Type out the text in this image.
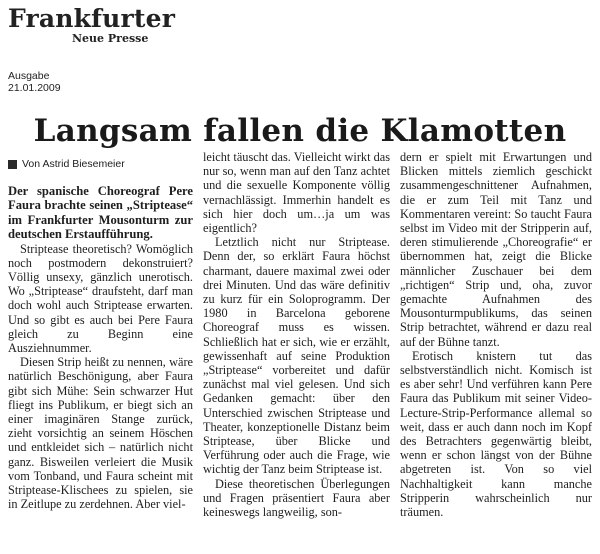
Frankfurter
Neue Presse
Ausgabe
21.01.2009
Langsam fallen die Klamotten
Von Astrid Biesemeier

Der spanische Choreograf Pere Faura brachte seinen „Striptease“ im Frankfurter Mousonturm zur deutschen Erstaufführung.

Striptease theoretisch? Womöglich noch postmodern dekonstruiert? Völlig unsexy, gänzlich unerotisch. Wo „Striptease“ draufsteht, darf man doch wohl auch Striptease erwarten. Und so gibt es auch bei Pere Faura gleich zu Beginn eine Ausziehnummer.

Diesen Strip heißt zu nennen, wäre natürlich Beschönigung, aber Faura gibt sich Mühe: Sein schwarzer Hut fliegt ins Publikum, er biegt sich an einer imaginären Stange zurück, zieht vorsichtig an seinem Höschen und entkleidet sich – natürlich nicht ganz. Bisweilen verleiert die Musik vom Tonband, und Faura scheint mit Striptease-Klischees zu spielen, sie in Zeitlupe zu zerdehnen. Aber viel-

leicht täuscht das. Vielleicht wirkt das nur so, wenn man auf den Tanz achtet und die sexuelle Komponente völlig vernachlässigt. Immerhin handelt es sich hier doch um…ja um was eigentlich?

Letztlich nicht nur Striptease. Denn der, so erklärt Faura höchst charmant, dauere maximal zwei oder drei Minuten. Und das wäre definitiv zu kurz für ein Soloprogramm. Der 1980 in Barcelona geborene Choreograf muss es wissen. Schließlich hat er sich, wie er erzählt, gewissenhaft auf seine Produktion „Striptease“ vorbereitet und dafür zunächst mal viel gelesen. Und sich Gedanken gemacht: über den Unterschied zwischen Striptease und Theater, konzeptionelle Distanz beim Striptease, über Blicke und Verführung oder auch die Frage, wie wichtig der Tanz beim Striptease ist.

Diese theoretischen Überlegungen und Fragen präsentiert Faura aber keineswegs langweilig, son-

dern er spielt mit Erwartungen und Blicken mittels ziemlich geschickt zusammengeschnittener Aufnahmen, die er zum Teil mit Tanz und Kommentaren vereint: So taucht Faura selbst im Video mit der Stripperin auf, deren stimulierende „Choreografie“ er übernommen hat, zeigt die Blicke männlicher Zuschauer bei dem „richtigen“ Strip und, oha, zuvor gemachte Aufnahmen des Mousonturmpublikums, das seinen Strip betrachtet, während er dazu real auf der Bühne tanzt.

Erotisch knistern tut das selbstverständlich nicht. Komisch ist es aber sehr! Und verführen kann Pere Faura das Publikum mit seiner Video-Lecture-Strip-Performance allemal so weit, dass er auch dann noch im Kopf des Betrachters gegenwärtig bleibt, wenn er schon längst von der Bühne abgetreten ist. Von so viel Nachhaltigkeit kann manche Stripperin wahrscheinlich nur träumen.
